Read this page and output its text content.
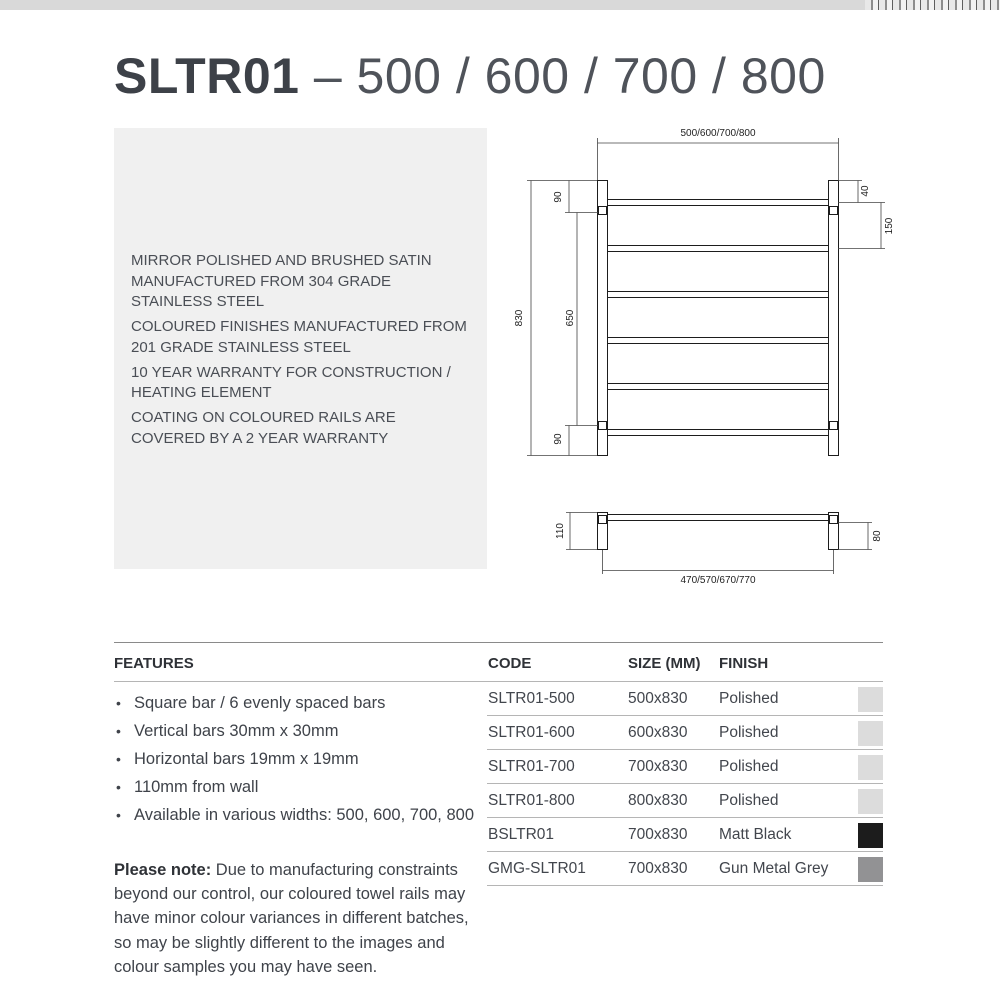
SLTR01 – 500 / 600 / 700 / 800
MIRROR POLISHED AND BRUSHED SATIN MANUFACTURED FROM 304 GRADE STAINLESS STEEL
COLOURED FINISHES MANUFACTURED FROM 201 GRADE STAINLESS STEEL
10 YEAR WARRANTY FOR CONSTRUCTION / HEATING ELEMENT
COATING ON COLOURED RAILS ARE COVERED BY A 2 YEAR WARRANTY
500/600/700/800
830
90
650
90
40
150
110	80
470/570/670/770
FEATURES
• Square bar / 6 evenly spaced bars
• Vertical bars 30mm x 30mm
• Horizontal bars 19mm x 19mm
• 110mm from wall
• Available in various widths: 500, 600, 700, 800

Please note: Due to manufacturing constraints beyond our control, our coloured towel rails may have minor colour variances in different batches, so may be slightly different to the images and colour samples you may have seen.

CODE	SIZE (MM) FINISH
SLTR01-500	500x830 Polished
SLTR01-600	600x830 Polished
SLTR01-700	700x830 Polished
SLTR01-800	800x830 Polished
BSLTR01	700x830 Matt Black
GMG-SLTR01	700x830 Gun Metal Grey
